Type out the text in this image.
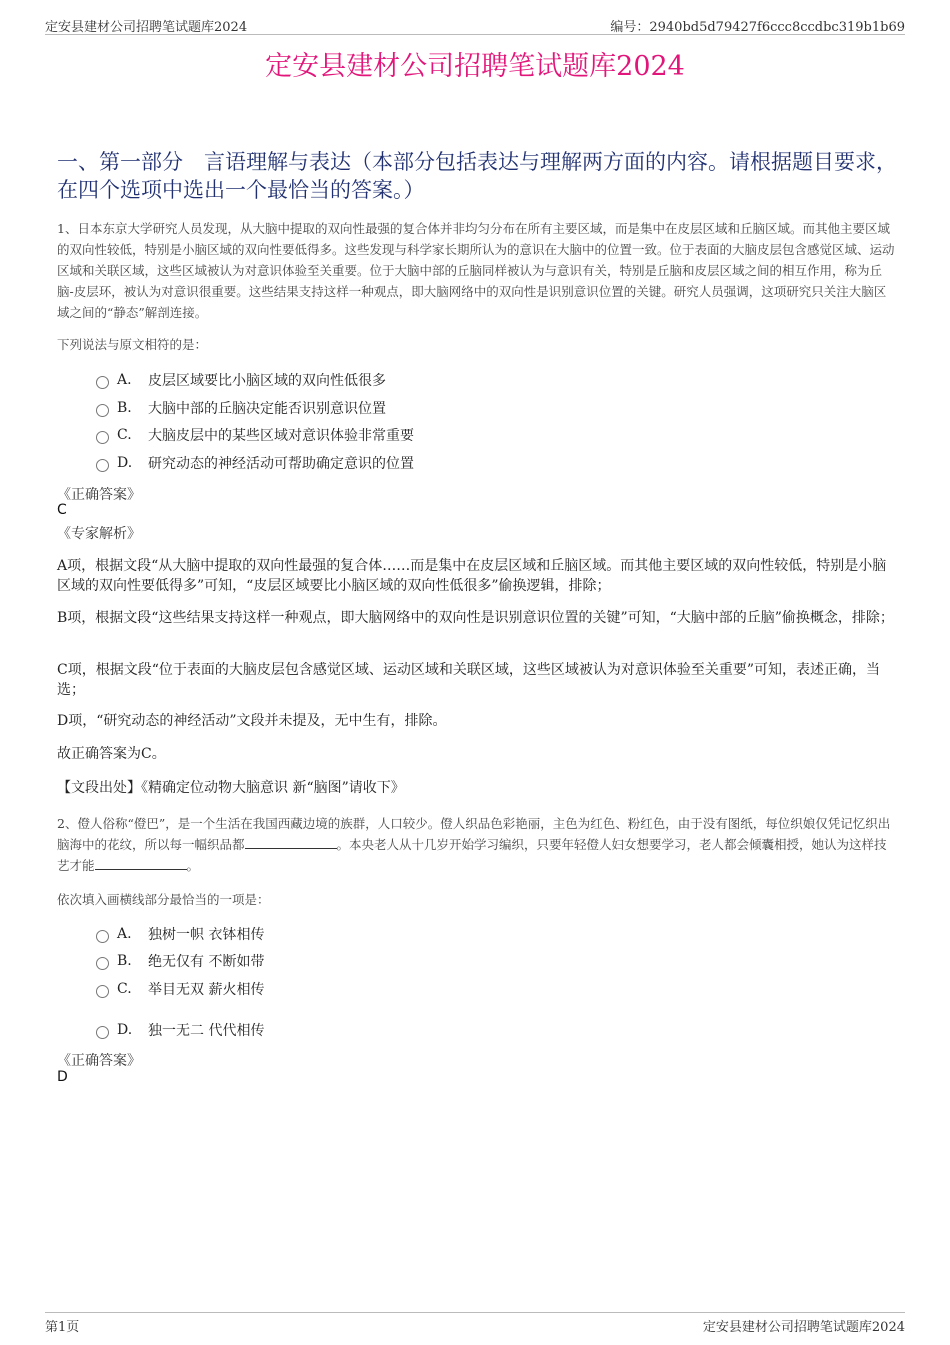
定安县建材公司招聘笔试题库2024	编号：2940bd5d79427f6ccc8ccdbc319b1b69
定安县建材公司招聘笔试题库2024
一、第一部分　言语理解与表达（本部分包括表达与理解两方面的内容。请根据题目要求，在四个选项中选出一个最恰当的答案。）
1、日本东京大学研究人员发现，从大脑中提取的双向性最强的复合体并非均匀分布在所有主要区域，而是集中在皮层区域和丘脑区域。而其他主要区域的双向性较低，特别是小脑区域的双向性要低得多。这些发现与科学家长期所认为的意识在大脑中的位置一致。位于表面的大脑皮层包含感觉区域、运动区域和关联区域，这些区域被认为对意识体验至关重要。位于大脑中部的丘脑同样被认为与意识有关，特别是丘脑和皮层区域之间的相互作用，称为丘脑-皮层环，被认为对意识很重要。这些结果支持这样一种观点，即大脑网络中的双向性是识别意识位置的关键。研究人员强调，这项研究只关注大脑区域之间的“静态”解剖连接。
下列说法与原文相符的是：
A.	皮层区域要比小脑区域的双向性低很多
B.	大脑中部的丘脑决定能否识别意识位置
C.	大脑皮层中的某些区域对意识体验非常重要
D.	研究动态的神经活动可帮助确定意识的位置
《正确答案》
C
《专家解析》
A项，根据文段“从大脑中提取的双向性最强的复合体……而是集中在皮层区域和丘脑区域。而其他主要区域的双向性较低，特别是小脑区域的双向性要低得多”可知，“皮层区域要比小脑区域的双向性低很多”偷换逻辑，排除；
B项，根据文段“这些结果支持这样一种观点，即大脑网络中的双向性是识别意识位置的关键”可知，“大脑中部的丘脑”偷换概念，排除；
C项，根据文段“位于表面的大脑皮层包含感觉区域、运动区域和关联区域，这些区域被认为对意识体验至关重要”可知，表述正确，当选；
D项，“研究动态的神经活动”文段并未提及，无中生有，排除。
故正确答案为C。
【文段出处】《精确定位动物大脑意识 新“脑图”请收下》
2、僜人俗称“僜巴”，是一个生活在我国西藏边境的族群，人口较少。僜人织品色彩艳丽，主色为红色、粉红色，由于没有图纸，每位织娘仅凭记忆织出脑海中的花纹，所以每一幅织品都	。本央老人从十几岁开始学习编织，只要年轻僜人妇女想要学习，老人都会倾囊相授，她认为这样技艺才能	。
依次填入画横线部分最恰当的一项是：
A.	独树一帜 衣钵相传
B.	绝无仅有 不断如带
C.	举目无双 薪火相传
D.	独一无二 代代相传
《正确答案》
D
第1页	定安县建材公司招聘笔试题库2024
